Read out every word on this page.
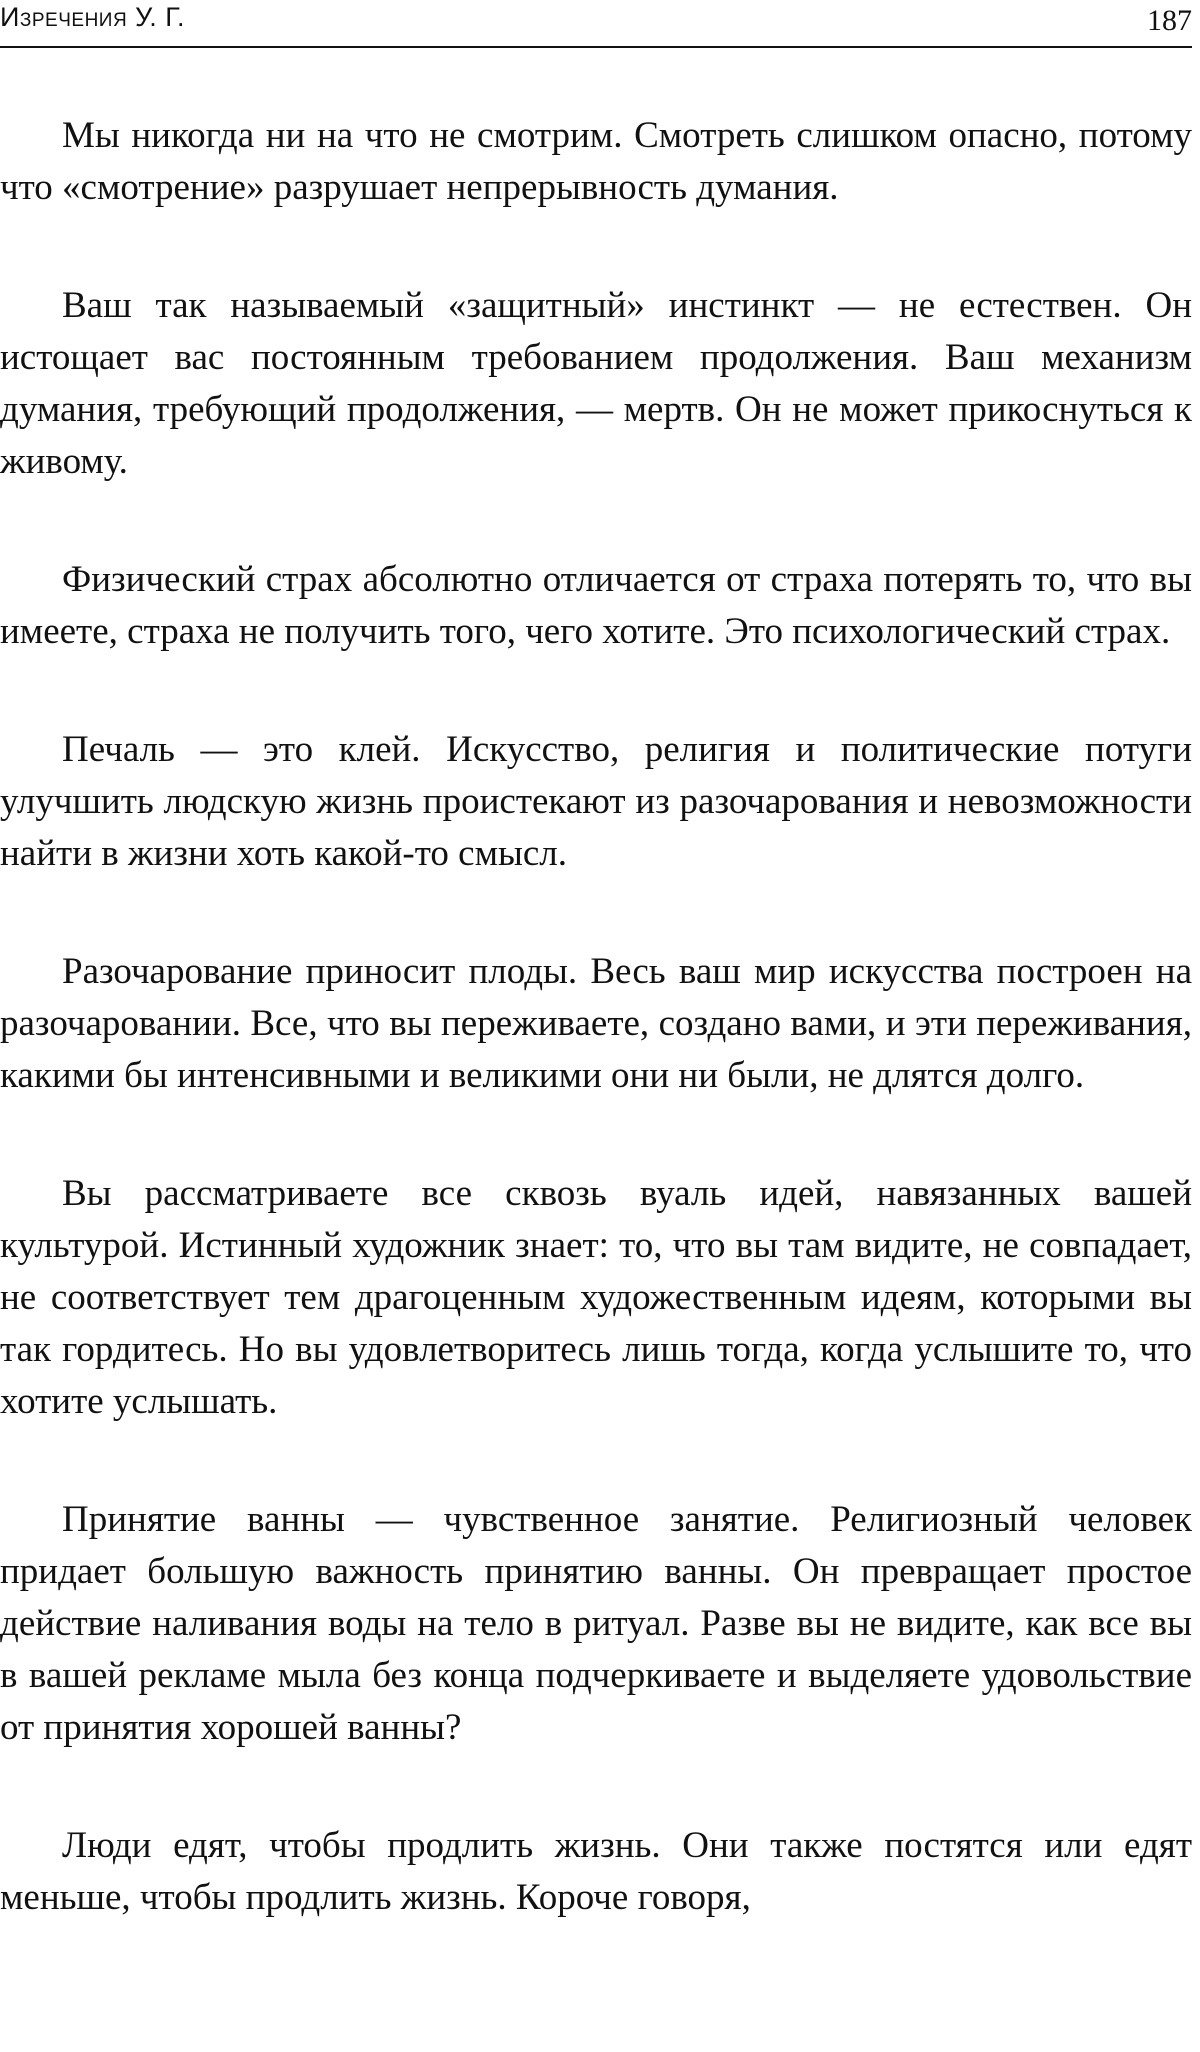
Изречения У. Г.	187

Мы никогда ни на что не смотрим. Смотреть слишком опасно, потому что «смотрение» разрушает непрерывность думания.

Ваш так называемый «защитный» инстинкт — не естествен. Он истощает вас постоянным требованием продолжения. Ваш механизм думания, требующий продолжения, — мертв. Он не может прикоснуться к живому.

Физический страх абсолютно отличается от страха потерять то, что вы имеете, страха не получить того, чего хотите. Это психологический страх.

Печаль — это клей. Искусство, религия и политические потуги улучшить людскую жизнь проистекают из разочарования и невозможности найти в жизни хоть какой-то смысл.

Разочарование приносит плоды. Весь ваш мир искусства построен на разочаровании. Все, что вы переживаете, создано вами, и эти переживания, какими бы интенсивными и великими они ни были, не длятся долго.

Вы рассматриваете все сквозь вуаль идей, навязанных вашей культурой. Истинный художник знает: то, что вы там видите, не совпадает, не соответствует тем драгоценным художественным идеям, которыми вы так гордитесь. Но вы удовлетворитесь лишь тогда, когда услышите то, что хотите услышать.

Принятие ванны — чувственное занятие. Религиозный человек придает большую важность принятию ванны. Он превращает простое действие наливания воды на тело в ритуал. Разве вы не видите, как все вы в вашей рекламе мыла без конца подчеркиваете и выделяете удовольствие от принятия хорошей ванны?

Люди едят, чтобы продлить жизнь. Они также постятся или едят меньше, чтобы продлить жизнь. Короче говоря,
